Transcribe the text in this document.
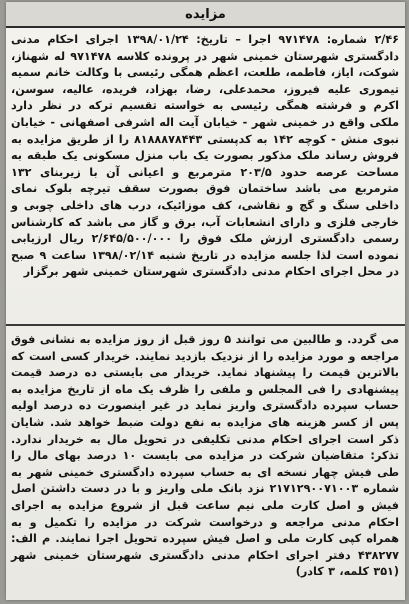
مزایده

۲/۴۶ شماره: ۹۷۱۴۷۸ اجرا – تاریخ: ۱۳۹۸/۰۱/۲۴ اجرای احکام مدنی دادگستری شهرستان خمینی شهر در پرونده کلاسه ۹۷۱۴۷۸ له شهناز، شوکت، ایاز، فاطمه، طلعت، اعظم همگی رئیسی با وکالت خانم سمیه تیموری علیه فیروز، محمدعلی، رضا، بهزاد، فریده، عالیه، سوسن، اکرم و فرشته همگی رئیسی به خواسته تقسیم ترکه در نظر دارد ملکی واقع در خمینی شهر - خیابان آیت اله اشرفی اصفهانی - خیابان نبوی منش - کوچه ۱۴۲ به کدپستی ۸۱۸۸۸۷۸۴۴۳ را از طریق مزایده به فروش رساند ملک مذکور بصورت یک باب منزل مسکونی یک طبقه به مساحت عرصه حدود ۲۰۳/۵ مترمربع و اعیانی آن با زیربنای ۱۳۲ مترمربع می باشد ساختمان فوق بصورت سقف تیرچه بلوک نمای داخلی سنگ و گچ و نقاشی، کف موزائیک، درب های داخلی چوبی و خارجی فلزی و دارای انشعابات آب، برق و گاز می باشد که کارشناس رسمی دادگستری ارزش ملک فوق را ۲/۶۴۵/۵۰۰/۰۰۰ ریال ارزیابی نموده است لذا جلسه مزایده در تاریخ شنبه ۱۳۹۸/۰۲/۱۴ ساعت ۹ صبح در محل اجرای احکام مدنی دادگستری شهرستان خمینی شهر برگزار

می گردد. و طالبین می توانند ۵ روز قبل از روز مزایده به نشانی فوق مراجعه و مورد مزایده را از نزدیک بازدید نمایند. خریدار کسی است که بالاترین قیمت را پیشنهاد نماید. خریدار می بایستی ده درصد قیمت پیشنهادی را فی المجلس و ملفی را ظرف یک ماه از تاریخ مزایده به حساب سپرده دادگستری واریز نماید در غیر اینصورت ده درصد اولیه پس از کسر هزینه های مزایده به نفع دولت ضبط خواهد شد. شایان ذکر است اجرای احکام مدنی تکلیفی در تحویل مال به خریدار ندارد. تذکر: متقاضیان شرکت در مزایده می بایست ۱۰ درصد بهای مال را طی فیش چهار نسخه ای به حساب سپرده دادگستری خمینی شهر به شماره ۲۱۷۱۲۹۰۰۷۱۰۰۳ نزد بانک ملی واریز و با در دست داشتن اصل فیش و اصل کارت ملی نیم ساعت قبل از شروع مزایده به اجرای احکام مدنی مراجعه و درخواست شرکت در مزایده را تکمیل و به همراه کپی کارت ملی و اصل فیش سپرده تحویل اجرا نمایند. م الف: ۴۳۸۲۷۷ دفتر اجرای احکام مدنی دادگستری شهرستان خمینی شهر (۳۵۱ کلمه، ۳ کادر)
